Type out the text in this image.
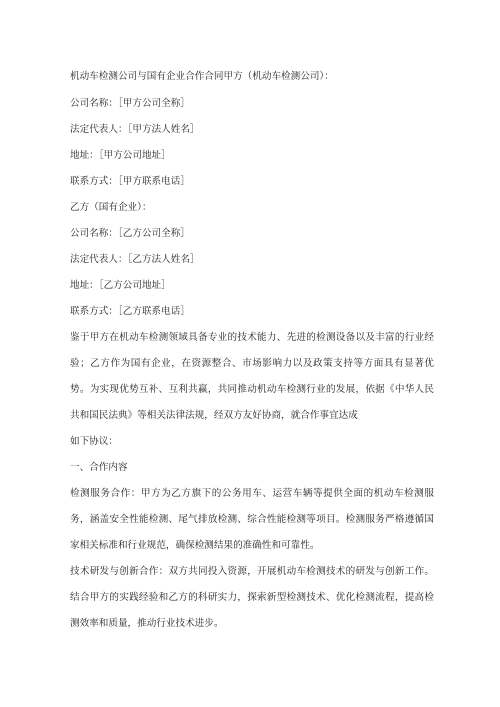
机动车检测公司与国有企业合作合同甲方（机动车检测公司）：
公司名称：［甲方公司全称］
法定代表人：［甲方法人姓名］
地址：［甲方公司地址］
联系方式：［甲方联系电话］
乙方（国有企业）：
公司名称：［乙方公司全称］
法定代表人：［乙方法人姓名］
地址：［乙方公司地址］
联系方式：［乙方联系电话］
鉴于甲方在机动车检测领域具备专业的技术能力、先进的检测设备以及丰富的行业经验；乙方作为国有企业，在资源整合、市场影响力以及政策支持等方面具有显著优势。为实现优势互补、互利共赢，共同推动机动车检测行业的发展，依据《中华人民共和国民法典》等相关法律法规，经双方友好协商，就合作事宜达成
如下协议：
一、合作内容
检测服务合作：甲方为乙方旗下的公务用车、运营车辆等提供全面的机动车检测服务，涵盖安全性能检测、尾气排放检测、综合性能检测等项目。检测服务严格遵循国家相关标准和行业规范，确保检测结果的准确性和可靠性。
技术研发与创新合作：双方共同投入资源，开展机动车检测技术的研发与创新工作。结合甲方的实践经验和乙方的科研实力，探索新型检测技术、优化检测流程，提高检测效率和质量，推动行业技术进步。
